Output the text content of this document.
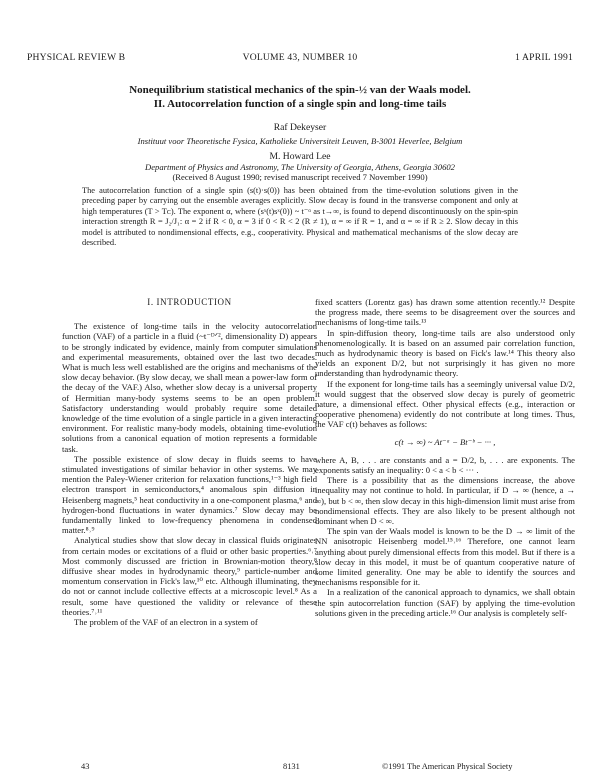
PHYSICAL REVIEW B	VOLUME 43, NUMBER 10	1 APRIL 1991
Nonequilibrium statistical mechanics of the spin-½ van der Waals model.
II. Autocorrelation function of a single spin and long-time tails
Raf Dekeyser
Instituut voor Theoretische Fysica, Katholieke Universiteit Leuven, B-3001 Heverlee, Belgium
M. Howard Lee
Department of Physics and Astronomy, The University of Georgia, Athens, Georgia 30602
(Received 8 August 1990; revised manuscript received 7 November 1990)
The autocorrelation function of a single spin (s(t)·s(0)) has been obtained from the time-evolution solutions given in the preceding paper by carrying out the ensemble averages explicitly. Slow decay is found in the transverse component and only at high temperatures (T > Tᴄ). The exponent α, where (sˣ(t)sˣ(0)) ~ t⁻ᵅ as t→∞, is found to depend discontinuously on the spin-spin interaction strength R = J₂/J₁: α = 2 if R < 0, α = 3 if 0 < R < 2 (R ≠ 1), α = ∞ if R = 1, and α = ∞ if R ≥ 2. Slow decay in this model is attributed to nondimensional effects, e.g., cooperativity. Physical and mathematical mechanisms of the slow decay are described.
I. INTRODUCTION

The existence of long-time tails in the velocity autocorrelation function (VAF) of a particle in a fluid (~t⁻ᴰᐟ², dimensionality D) appears to be strongly indicated by evidence, mainly from computer simulations and experimental measurements, obtained over the last two decades. What is much less well established are the origins and mechanisms of the slow decay behavior. (By slow decay, we shall mean a power-law form of the decay of the VAF.) Also, whether slow decay is a universal property of Hermitian many-body systems seems to be an open problem. Satisfactory understanding would probably require some detailed knowledge of the time evolution of a single particle in a given interacting environment. For realistic many-body models, obtaining time-evolution solutions from a canonical equation of motion represents a formidable task.

The possible existence of slow decay in fluids seems to have stimulated investigations of similar behavior in other systems. We may mention the Paley-Wiener criterion for relaxation functions,¹⁻³ high field electron transport in semiconductors,⁴ anomalous spin diffusion in Heisenberg magnets,⁵ heat conductivity in a one-component plasma,⁶ and hydrogen-bond fluctuations in water dynamics.⁷ Slow decay may be fundamentally linked to low-frequency phenomena in condensed matter.⁸˒⁹

Analytical studies show that slow decay in classical fluids originates from certain modes or excitations of a fluid or other basic properties.⁶˒⁷ Most commonly discussed are friction in Brownian-motion theory,⁸ diffusive shear modes in hydrodynamic theory,⁹ particle-number and momentum conservation in Fick's law,¹⁰ etc. Although illuminating, they do not or cannot include collective effects at a microscopic level.⁸ As a result, some have questioned the validity or relevance of these theories.⁷˒¹¹

The problem of the VAF of an electron in a system of

fixed scatters (Lorentz gas) has drawn some attention recently.¹² Despite the progress made, there seems to be disagreement over the sources and mechanisms of long-time tails.¹³

In spin-diffusion theory, long-time tails are also understood only phenomenologically. It is based on an assumed pair correlation function, much as hydrodynamic theory is based on Fick's law.¹⁴ This theory also yields an exponent D/2, but not surprisingly it has given no more understanding than hydrodynamic theory.

If the exponent for long-time tails has a seemingly universal value D/2, it would suggest that the observed slow decay is purely of geometric nature, a dimensional effect. Other physical effects (e.g., interaction or cooperative phenomena) evidently do not contribute at long times. Thus, the VAF c(t) behaves as follows:

c(t → ∞) ~ At⁻ᵃ − Bt⁻ᵇ − ··· ,

where A, B, . . . are constants and a = D/2, b, . . . are exponents. The exponents satisfy an inequality: 0 < a < b < ··· .

There is a possibility that as the dimensions increase, the above inequality may not continue to hold. In particular, if D → ∞ (hence, a → ∞), but b < ∞, then slow decay in this high-dimension limit must arise from nondimensional effects. They are also likely to be present although not dominant when D < ∞.

The spin van der Waals model is known to be the D → ∞ limit of the NN anisotropic Heisenberg model.¹⁵˒¹⁶ Therefore, one cannot learn anything about purely dimensional effects from this model. But if there is a slow decay in this model, it must be of quantum cooperative nature of some limited generality. One may be able to identify the sources and mechanisms responsible for it.

In a realization of the canonical approach to dynamics, we shall obtain the spin autocorrelation function (SAF) by applying the time-evolution solutions given in the preceding article.¹⁶ Our analysis is completely self-

43	8131	©1991 The American Physical Society
